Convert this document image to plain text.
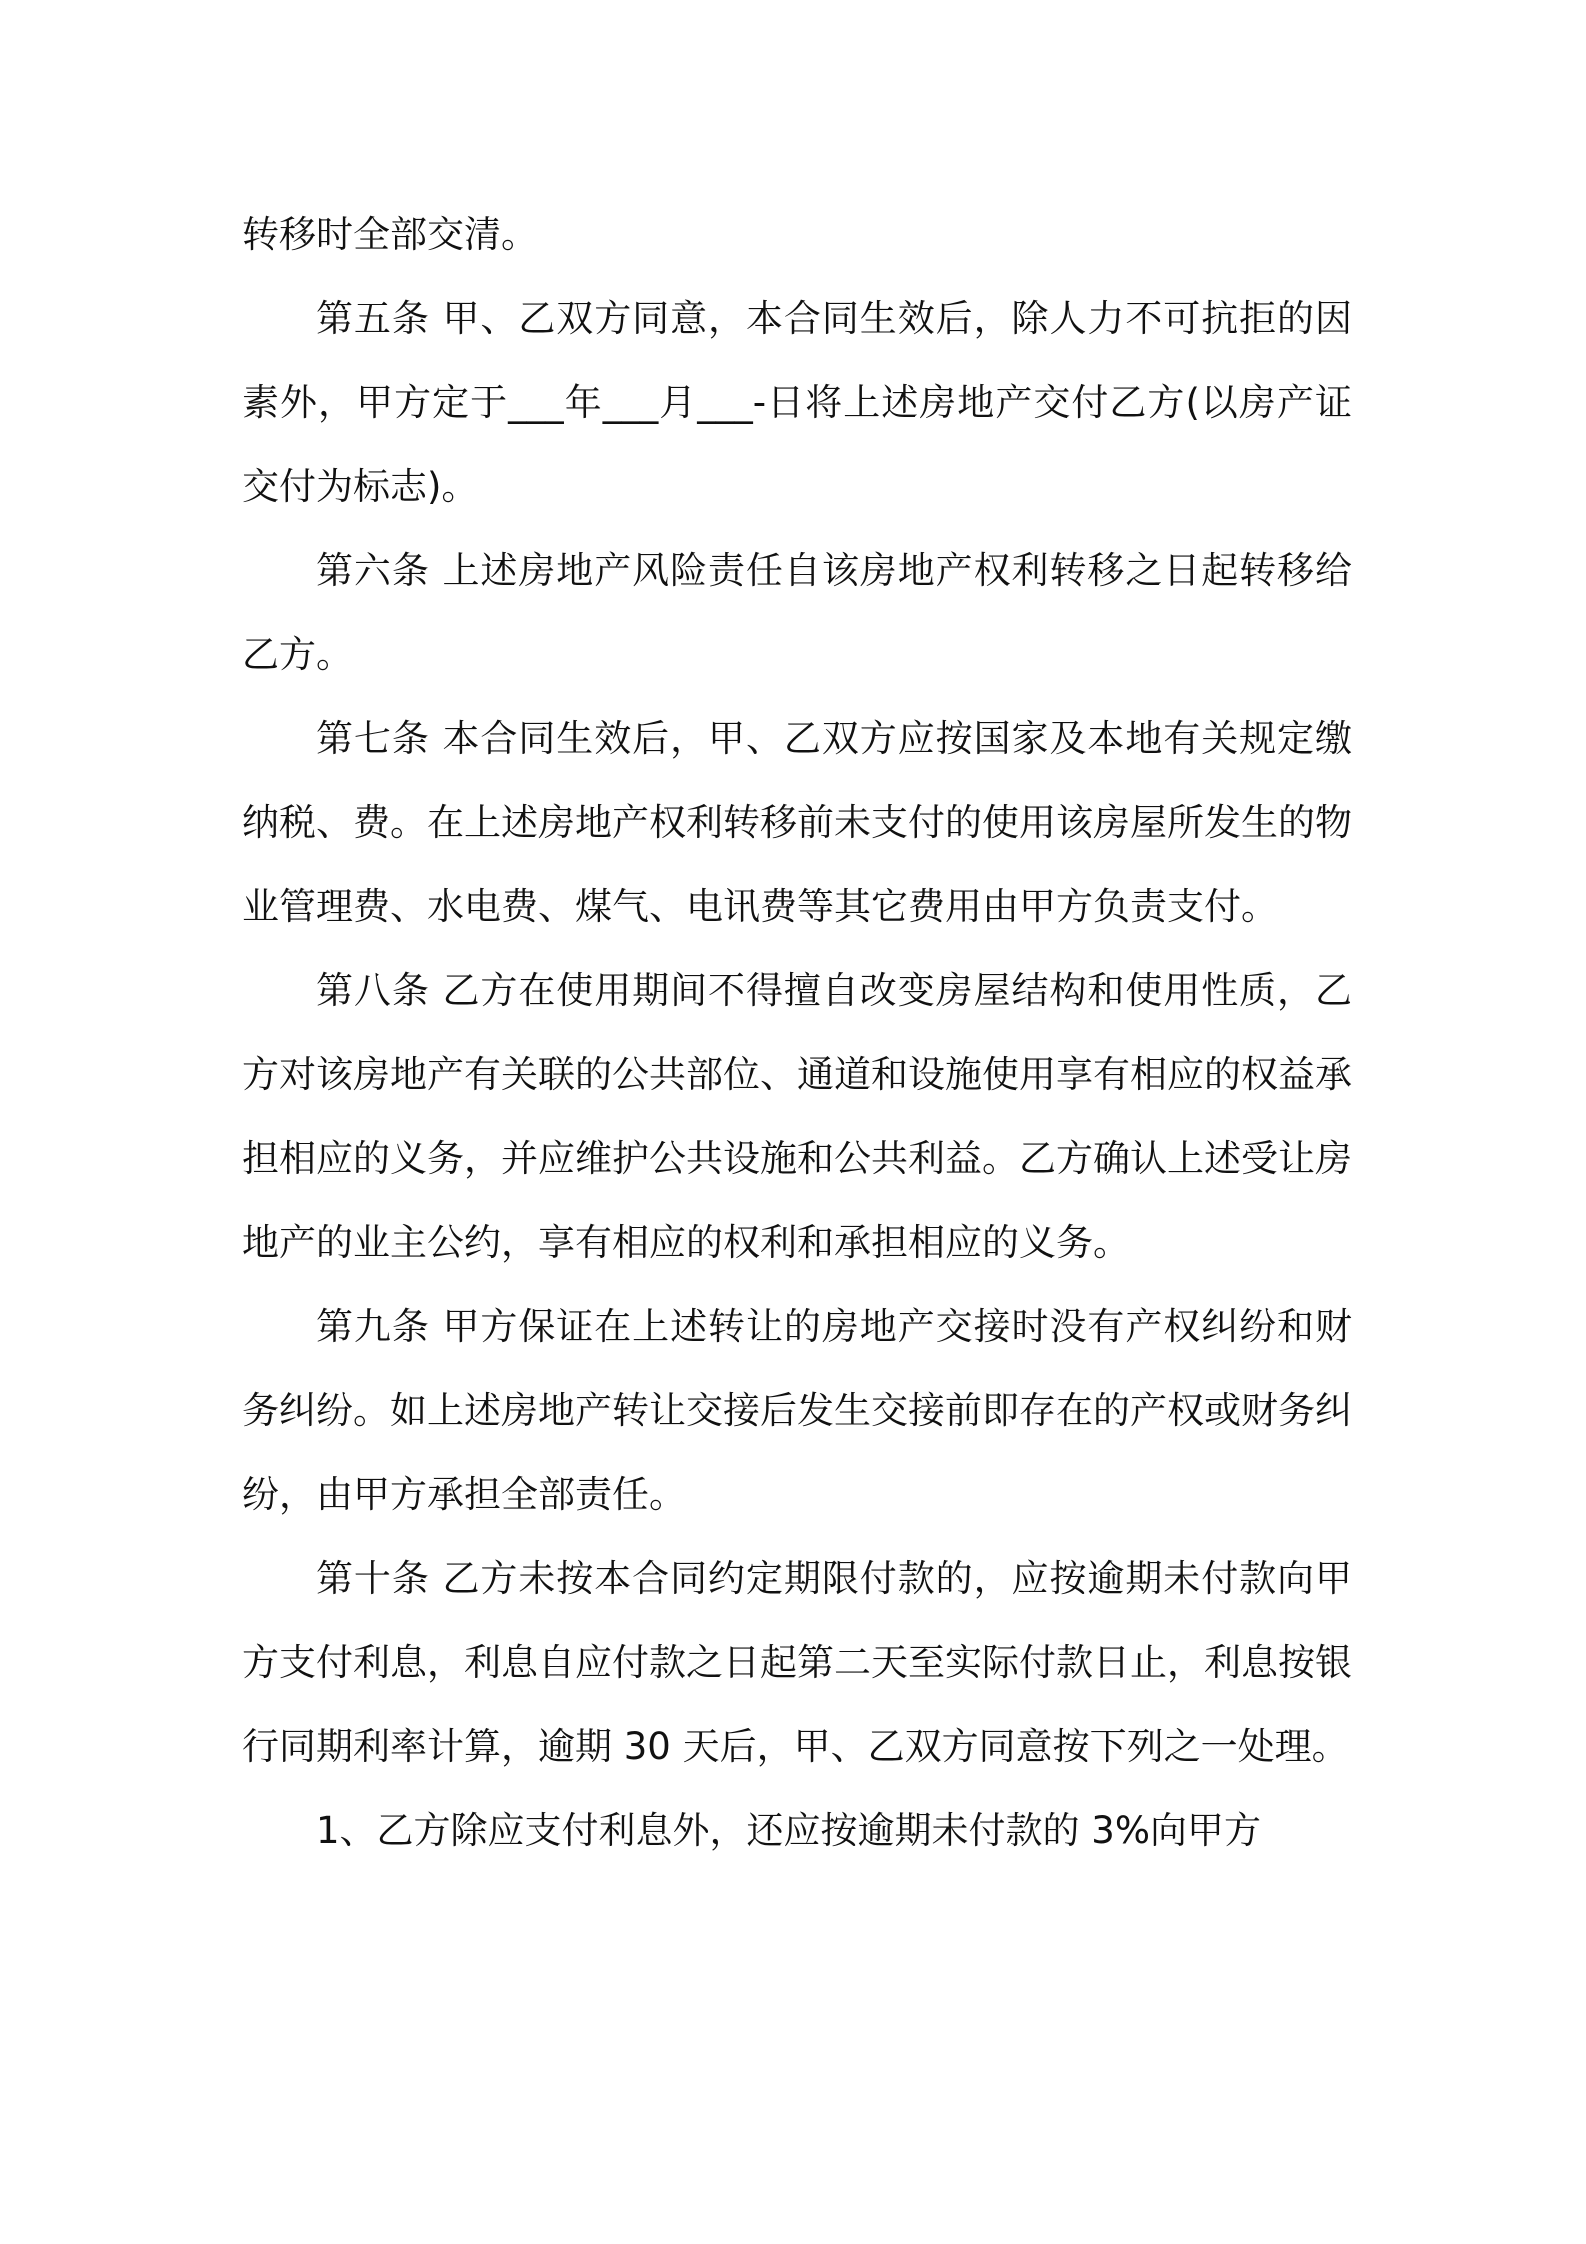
转移时全部交清。

第五条 甲、乙双方同意，本合同生效后，除人力不可抗拒的因素外，甲方定于___年___月___-日将上述房地产交付乙方(以房产证交付为标志)。

第六条 上述房地产风险责任自该房地产权利转移之日起转移给乙方。

第七条 本合同生效后，甲、乙双方应按国家及本地有关规定缴纳税、费。在上述房地产权利转移前未支付的使用该房屋所发生的物业管理费、水电费、煤气、电讯费等其它费用由甲方负责支付。

第八条 乙方在使用期间不得擅自改变房屋结构和使用性质，乙方对该房地产有关联的公共部位、通道和设施使用享有相应的权益承担相应的义务，并应维护公共设施和公共利益。乙方确认上述受让房地产的业主公约，享有相应的权利和承担相应的义务。

第九条 甲方保证在上述转让的房地产交接时没有产权纠纷和财务纠纷。如上述房地产转让交接后发生交接前即存在的产权或财务纠纷，由甲方承担全部责任。

第十条 乙方未按本合同约定期限付款的，应按逾期未付款向甲方支付利息，利息自应付款之日起第二天至实际付款日止，利息按银行同期利率计算，逾期 30 天后，甲、乙双方同意按下列之一处理。

1、乙方除应支付利息外，还应按逾期未付款的 3%向甲方
